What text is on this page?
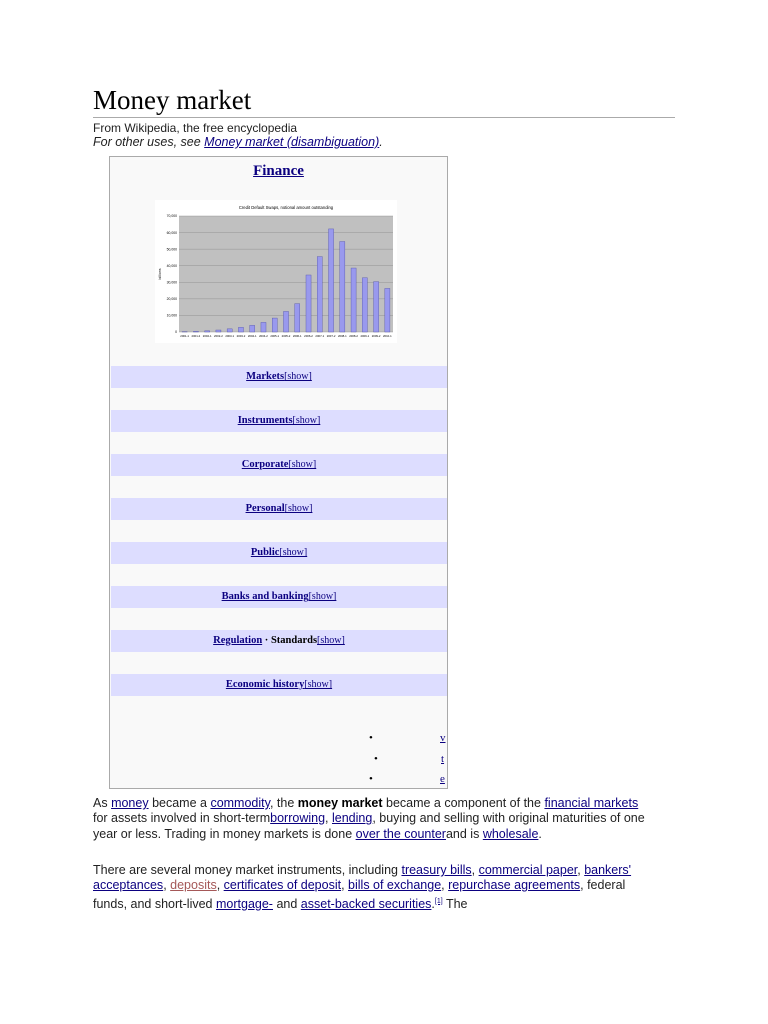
Money market
From Wikipedia, the free encyclopedia
For other uses, see Money market (disambiguation).
Finance
Credit Default Swaps, notional amount outstanding
0
10,000
20,000
30,000
40,000
50,000
60,000
70,000
billions
2001-1 2001-2 2002-1 2002-2 2003-1 2003-2 2004-1 2004-2 2005-1 2005-2 2006-1 2006-2 2007-1 2007-2 2008-1 2008-2 2009-1 2009-2 2010-1
Markets[show]
Instruments[show]
Corporate[show]
Personal[show]
Public[show]
Banks and banking[show]
Regulation · Standards[show]
Economic history[show]
•	v
•	t
•	e

As money became a commodity, the money market became a component of the financial markets for assets involved in short-termborrowing, lending, buying and selling with original maturities of one year or less. Trading in money markets is done over the counterand is wholesale.

There are several money market instruments, including treasury bills, commercial paper, bankers' acceptances, deposits, certificates of deposit, bills of exchange, repurchase agreements, federal funds, and short-lived mortgage- and asset-backed securities.[1] The
